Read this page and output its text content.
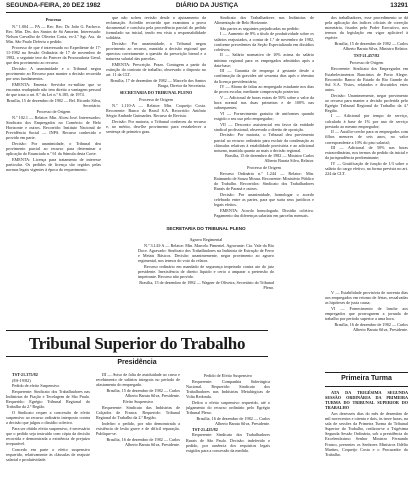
SEGUNDA-FEIRA, 20 DEZ 1982	DIÁRIO DA JUSTIÇA	13291

Processo

N.º 1.004 — PA — Rec. Rec. Dr. João G. Pacheco. Rec. Min. Drs. dos Santos de Sá Amorim. Interessado: Nelson Carvalho de Oliveira Costa, ex-2.º Sgt. Ass. do Min. São Paulo Deferiu o pedido.

Processo de que é interessado no Expediente de 17-11-1982 na Sessão Ordinária de 17 de novembro de 1982, o seguinte teor do Parecer da Procuradoria Geral, que deu provimento ao recurso.

Decisão: A unanimidade e o Tribunal negou provimento ao Recurso para manter a decisão recorrida por seus fundamentos.

EMENTA: Ementa: Servidor ex-militar que se encontra readaptado não tem direito a vantagem pessoal de que trata o art. 8.º da Lei n.º 6.185, de 1974.

Brasília, 15 de dezembro de 1982 — Bel. Ricardo Silva, Secretário.

Processo de Origem

N.º 102.1 — Relator: Min. Alceu José. Interessados: Sindicato dos Empregados no Comércio de Belo Horizonte e outros. Recorrido: Instituto Nacional de Previdência Social — INPS. Recurso conhecido e provido em parte.

Decisão: Por unanimidade, o Tribunal deu provimento parcial ao recurso para determinar a aplicação do Enunciado n.º 61 da Súmula desta Corte.

EMENTA: Licença para tratamento de interesse particular. Os pedidos de licença são regidos pelas normas legais vigentes à época do requerimento.

que não sofreu revisão desde o ajuizamento da reclamação. Acórdão recorrido que examinou a prova documental e concluiu pela procedência parcial do pedido formulado na inicial, tendo em vista a responsabilidade solidária.

Decisão: Por unanimidade, o Tribunal negou provimento ao recurso, mantida a decisão regional que apreciou corretamente a questão da prescrição bienal e a natureza salarial das parcelas.

EMENTA: Prescrição. Prazo. Contagem a partir da extinção do contrato de trabalho, observado o disposto no art. 11 da CLT.

Brasília, 17 de dezembro de 1982 — Marcelo dos Santos Braga, Diretor da Secretaria.

SECRETARIA DO TRIBUNAL PLENO

Processo de Origem

N.º 1.110-A — Relator: Min. Coqueijo Costa. Recorrente: Banco do Brasil S.A. Recorrido: Antônio Sérgio Andrade Guimarães. Recurso de Revista.

Decisão: Por maioria, o Tribunal conheceu do recurso e, no mérito, deu-lhe provimento para restabelecer a sentença de primeiro grau.

SECRETARIA DO TRIBUNAL PLENO

Agravo Regimental

N.º 3.143-A — Relator: Min. Marcelo Pimentel. Agravante: Cia. Vale do Rio Doce. Agravado: Sindicato dos Trabalhadores na Indústria de Extração de Ferro e Metais Básicos. Decisão: unanimemente, negar provimento ao agravo regimental, nos termos do voto do relator.

Recurso ordinário em mandado de segurança impetrado contra ato do juiz presidente. Inexistência de direito líquido e certo a amparar a pretensão do impetrante. Recurso não provido.

Brasília, 15 de dezembro de 1982 — Wagner de Oliveira, Secretário do Tribunal Pleno.

Sindicato dos Trabalhadores nas Indústrias de Alimentação de Belo Horizonte.

São partes as seguintes prejudicadas no pedido:

I — Aumento de 8% a título de produtividade sobre os salários reajustados, a contar de 1.º de novembro de 1982, conforme precedentes da Seção Especializada em dissídios coletivos;

II — Salário normativo de 10% acima do salário mínimo regional para os empregados admitidos após a data-base;

III — Garantia de emprego à gestante desde a confirmação da gravidez até sessenta dias após o término da licença previdenciária;

IV — Abono de faltas ao empregado estudante nos dias de prova escolar, mediante comprovação posterior;

V — Adicional de horas extras de 50% sobre o valor da hora normal nas duas primeiras e de 100% nas subsequentes;

VI — Fornecimento gratuito de uniformes quando exigido o seu uso pelo empregador;

VII — Desconto assistencial em favor da entidade sindical profissional, observado o direito de oposição.

Decisão: Por maioria, o Tribunal deu provimento parcial ao recurso ordinário para excluir da condenação as cláusulas relativas à estabilidade provisória e ao adicional noturno, mantida quanto ao mais a decisão regional.

Brasília, 15 de dezembro de 1982 — Ministro Carlos Alberto Barata Silva, Relator.

Processo de Origem

Recurso Ordinário n.º 1.244 — Relator: Min. Raimundo de Souza Moura. Recorrente: Ministério Público do Trabalho. Recorridos: Sindicato dos Trabalhadores Rurais de Paraná e outros.

Decisão: Por unanimidade, homologar o acordo celebrado entre as partes, para que surta seus jurídicos e legais efeitos.

EMENTA: Acordo homologado. Dissídio coletivo. Pagamento das diferenças salariais em parcelas mensais.

dos trabalhadores, esse procedimento se dá pela aplicação dos índices oficiais de correção monetária, fixados pelo Poder Executivo, nos termos da legislação em vigor aplicável à espécie.

Brasília, 15 de dezembro de 1982 — Carlos Alberto Barata Silva, Ministro Relator.

TST-21.457/82

Processo de Origem

Recorrente: Sindicato dos Empregados em Estabelecimentos Bancários de Porto Alegre. Recorrido: Banco do Estado do Rio Grande do Sul S.A. Vistos, relatados e discutidos estes autos.

Decisão: Unanimemente, negar provimento ao recurso para manter a decisão proferida pelo Egrégio Tribunal Regional do Trabalho da 4.ª Região.

I — Adicional por tempo de serviço, calculado à base de 1% por ano de serviço prestado ao mesmo empregador;

II — Auxílio-creche para os empregados com filhos menores de seis anos, no valor correspondente a 10% do piso salarial;

III — Adicional de 50% nas horas extraordinárias, nos termos do pedido da inicial e da jurisprudência predominante;

IV — Gratificação de função de 1/3 sobre o salário do cargo efetivo, na forma prevista no art. 224 da CLT.

Tribunal Superior do Trabalho
Presidência

TST-21.375/82

(ES-19/82)

Pedido de efeito Suspensivo

Requerente: Sindicato dos Trabalhadores nas Indústrias de Fiação e Tecelagem de São Paulo. Requerido: Egrégio Tribunal Regional do Trabalho da 2.ª Região.

O Sindicato requer a concessão de efeito suspensivo ao recurso ordinário interposto contra a decisão que julgou o dissídio coletivo.

Para ser obtido efeito suspensivo, é necessário que o pedido seja instruído com cópia da decisão recorrida e demonstrada a existência de prejuízo irreparável.

Concedo em parte o efeito suspensivo requerido, relativamente às cláusulas de reajuste salarial e produtividade.

III — Aviso de falta de assiduidade ao curso e recebimento de salários integrais no período de afastamento do empregado.

Brasília, 15 de dezembro de 1982 — Carlos Alberto Barata Silva, Presidente.

Efeito Suspensivo

Requerente: Sindicato das Indústrias de Calçados de Franca. Requerido: Tribunal Regional do Trabalho da 2.ª Região.

Indefiro o pedido, por não demonstrada a existência de lesão grave e de difícil reparação. Publique-se.

Brasília, 16 de dezembro de 1982 — Carlos Alberto Barata Silva, Presidente.

Pedido de Efeito Suspensivo

Requerente: Companhia Siderúrgica Nacional. Requerido: Sindicato dos Trabalhadores nas Indústrias Metalúrgicas de Volta Redonda.

Defiro o efeito suspensivo requerido, até o julgamento do recurso ordinário pelo Egrégio Tribunal Pleno.

Brasília, 16 de dezembro de 1982 — Carlos Alberto Barata Silva, Presidente.

TST-21.425/82

Requerente: Sindicato dos Trabalhadores Rurais de São Paulo. Decisão: indeferido o pedido, por ausência dos requisitos legais exigidos para a concessão da medida.

V — Estabilidade provisória de noventa dias aos empregados em retorno de férias, ressalvadas as hipóteses de justa causa;

VI — Fornecimento de lanche aos empregados que prorrogarem a jornada de trabalho por período superior a uma hora.

Brasília, 16 de dezembro de 1982 — Carlos Alberto Barata Silva, Presidente.

Primeira Turma

ATA DA TRIGÉSIMA SEGUNDA SESSÃO ORDINÁRIA DA PRIMEIRA TURMA DO TRIBUNAL SUPERIOR DO TRABALHO

Aos dezesseis dias do mês de dezembro de mil novecentos e oitenta e dois, às treze horas, na sala de sessões da Primeira Turma do Tribunal Superior do Trabalho, realizou-se a Trigésima Segunda Sessão Ordinária, sob a presidência do Excelentíssimo Senhor Ministro Fernando Franco, presentes os Senhores Ministros Ildélio Martins, Coqueijo Costa e o Procurador do Trabalho.
